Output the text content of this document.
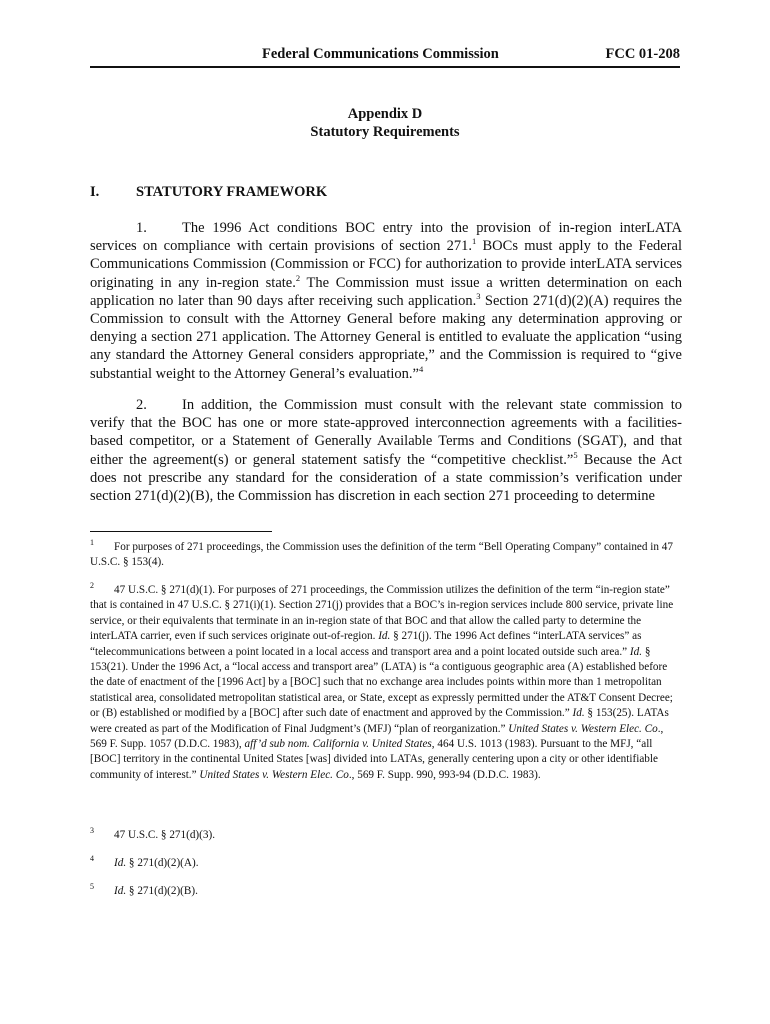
Federal Communications Commission	FCC 01-208
Appendix D
Statutory Requirements
I.	STATUTORY FRAMEWORK
1. The 1996 Act conditions BOC entry into the provision of in-region interLATA services on compliance with certain provisions of section 271.$^1$ BOCs must apply to the Federal Communications Commission (Commission or FCC) for authorization to provide interLATA services originating in any in-region state.$^2$ The Commission must issue a written determination on each application no later than 90 days after receiving such application.$^3$ Section 271(d)(2)(A) requires the Commission to consult with the Attorney General before making any determination approving or denying a section 271 application. The Attorney General is entitled to evaluate the application “using any standard the Attorney General considers appropriate,” and the Commission is required to “give substantial weight to the Attorney General’s evaluation.”$^4$
2. In addition, the Commission must consult with the relevant state commission to verify that the BOC has one or more state-approved interconnection agreements with a facilities-based competitor, or a Statement of Generally Available Terms and Conditions (SGAT), and that either the agreement(s) or general statement satisfy the “competitive checklist.”$^5$ Because the Act does not prescribe any standard for the consideration of a state commission’s verification under section 271(d)(2)(B), the Commission has discretion in each section 271 proceeding to determine
1 For purposes of 271 proceedings, the Commission uses the definition of the term “Bell Operating Company” contained in 47 U.S.C. § 153(4).
2 47 U.S.C. § 271(d)(1). For purposes of 271 proceedings, the Commission utilizes the definition of the term “in-region state” that is contained in 47 U.S.C. § 271(i)(1). Section 271(j) provides that a BOC’s in-region services include 800 service, private line service, or their equivalents that terminate in an in-region state of that BOC and that allow the called party to determine the interLATA carrier, even if such services originate out-of-region. Id. § 271(j). The 1996 Act defines “interLATA services” as “telecommunications between a point located in a local access and transport area and a point located outside such area.” Id. § 153(21). Under the 1996 Act, a “local access and transport area” (LATA) is “a contiguous geographic area (A) established before the date of enactment of the [1996 Act] by a [BOC] such that no exchange area includes points within more than 1 metropolitan statistical area, consolidated metropolitan statistical area, or State, except as expressly permitted under the AT&T Consent Decree; or (B) established or modified by a [BOC] after such date of enactment and approved by the Commission.” Id. § 153(25). LATAs were created as part of the Modification of Final Judgment’s (MFJ) “plan of reorganization.” United States v. Western Elec. Co., 569 F. Supp. 1057 (D.D.C. 1983), aff’d sub nom. California v. United States, 464 U.S. 1013 (1983). Pursuant to the MFJ, “all [BOC] territory in the continental United States [was] divided into LATAs, generally centering upon a city or other identifiable community of interest.” United States v. Western Elec. Co., 569 F. Supp. 990, 993-94 (D.D.C. 1983).
3 47 U.S.C. § 271(d)(3).
4 Id. § 271(d)(2)(A).
5 Id. § 271(d)(2)(B).
